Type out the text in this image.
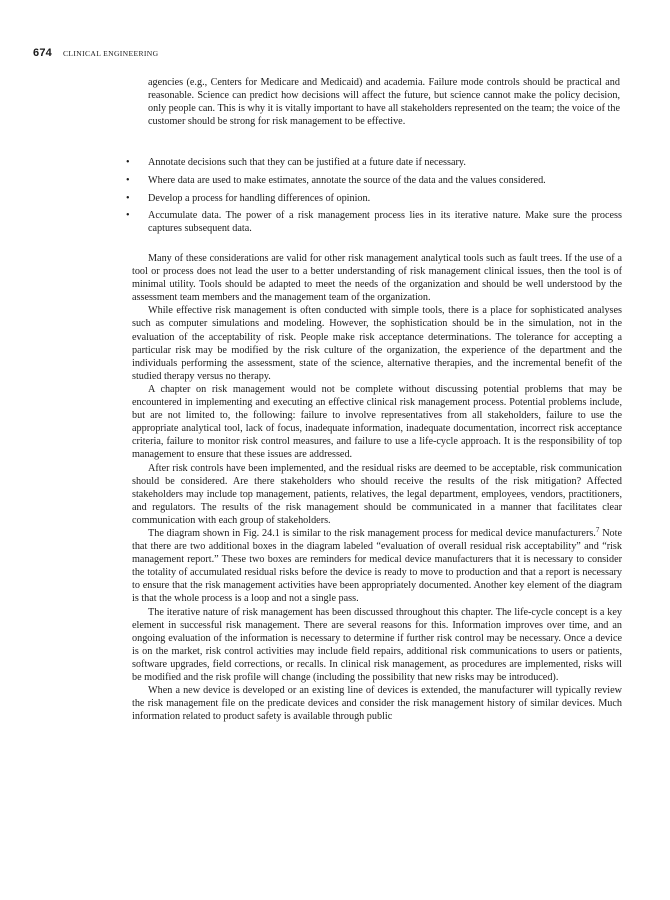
674 CLINICAL ENGINEERING
agencies (e.g., Centers for Medicare and Medicaid) and academia. Failure mode controls should be practical and reasonable. Science can predict how decisions will affect the future, but science cannot make the policy decision, only people can. This is why it is vitally important to have all stakeholders represented on the team; the voice of the customer should be strong for risk management to be effective.
• Annotate decisions such that they can be justified at a future date if necessary.
• Where data are used to make estimates, annotate the source of the data and the values considered.
• Develop a process for handling differences of opinion.
• Accumulate data. The power of a risk management process lies in its iterative nature. Make sure the process captures subsequent data.

Many of these considerations are valid for other risk management analytical tools such as fault trees. If the use of a tool or process does not lead the user to a better understanding of risk management clinical issues, then the tool is of minimal utility. Tools should be adapted to meet the needs of the organization and should be well understood by the assessment team members and the management team of the organization.

While effective risk management is often conducted with simple tools, there is a place for sophisticated analyses such as computer simulations and modeling. However, the sophistication should be in the simulation, not in the evaluation of the acceptability of risk. People make risk acceptance determinations. The tolerance for accepting a particular risk may be modified by the risk culture of the organization, the experience of the department and the individuals performing the assessment, state of the science, alternative therapies, and the incremental benefit of the studied therapy versus no therapy.

A chapter on risk management would not be complete without discussing potential problems that may be encountered in implementing and executing an effective clinical risk management process. Potential problems include, but are not limited to, the following: failure to involve representatives from all stakeholders, failure to use the appropriate analytical tool, lack of focus, inadequate information, inadequate documentation, incorrect risk acceptance criteria, failure to monitor risk control measures, and failure to use a life-cycle approach. It is the responsibility of top management to ensure that these issues are addressed.

After risk controls have been implemented, and the residual risks are deemed to be acceptable, risk communication should be considered. Are there stakeholders who should receive the results of the risk mitigation? Affected stakeholders may include top management, patients, relatives, the legal department, employees, vendors, practitioners, and regulators. The results of the risk management should be communicated in a manner that facilitates clear communication with each group of stakeholders.

The diagram shown in Fig. 24.1 is similar to the risk management process for medical device manufacturers.$^7$ Note that there are two additional boxes in the diagram labeled “evaluation of overall residual risk acceptability” and “risk management report.” These two boxes are reminders for medical device manufacturers that it is necessary to consider the totality of accumulated residual risks before the device is ready to move to production and that a report is necessary to ensure that the risk management activities have been appropriately documented. Another key element of the diagram is that the whole process is a loop and not a single pass.

The iterative nature of risk management has been discussed throughout this chapter. The life-cycle concept is a key element in successful risk management. There are several reasons for this. Information improves over time, and an ongoing evaluation of the information is necessary to determine if further risk control may be necessary. Once a device is on the market, risk control activities may include field repairs, additional risk communications to users or patients, software upgrades, field corrections, or recalls. In clinical risk management, as procedures are implemented, risks will be modified and the risk profile will change (including the possibility that new risks may be introduced).

When a new device is developed or an existing line of devices is extended, the manufacturer will typically review the risk management file on the predicate devices and consider the risk management history of similar devices. Much information related to product safety is available through public
